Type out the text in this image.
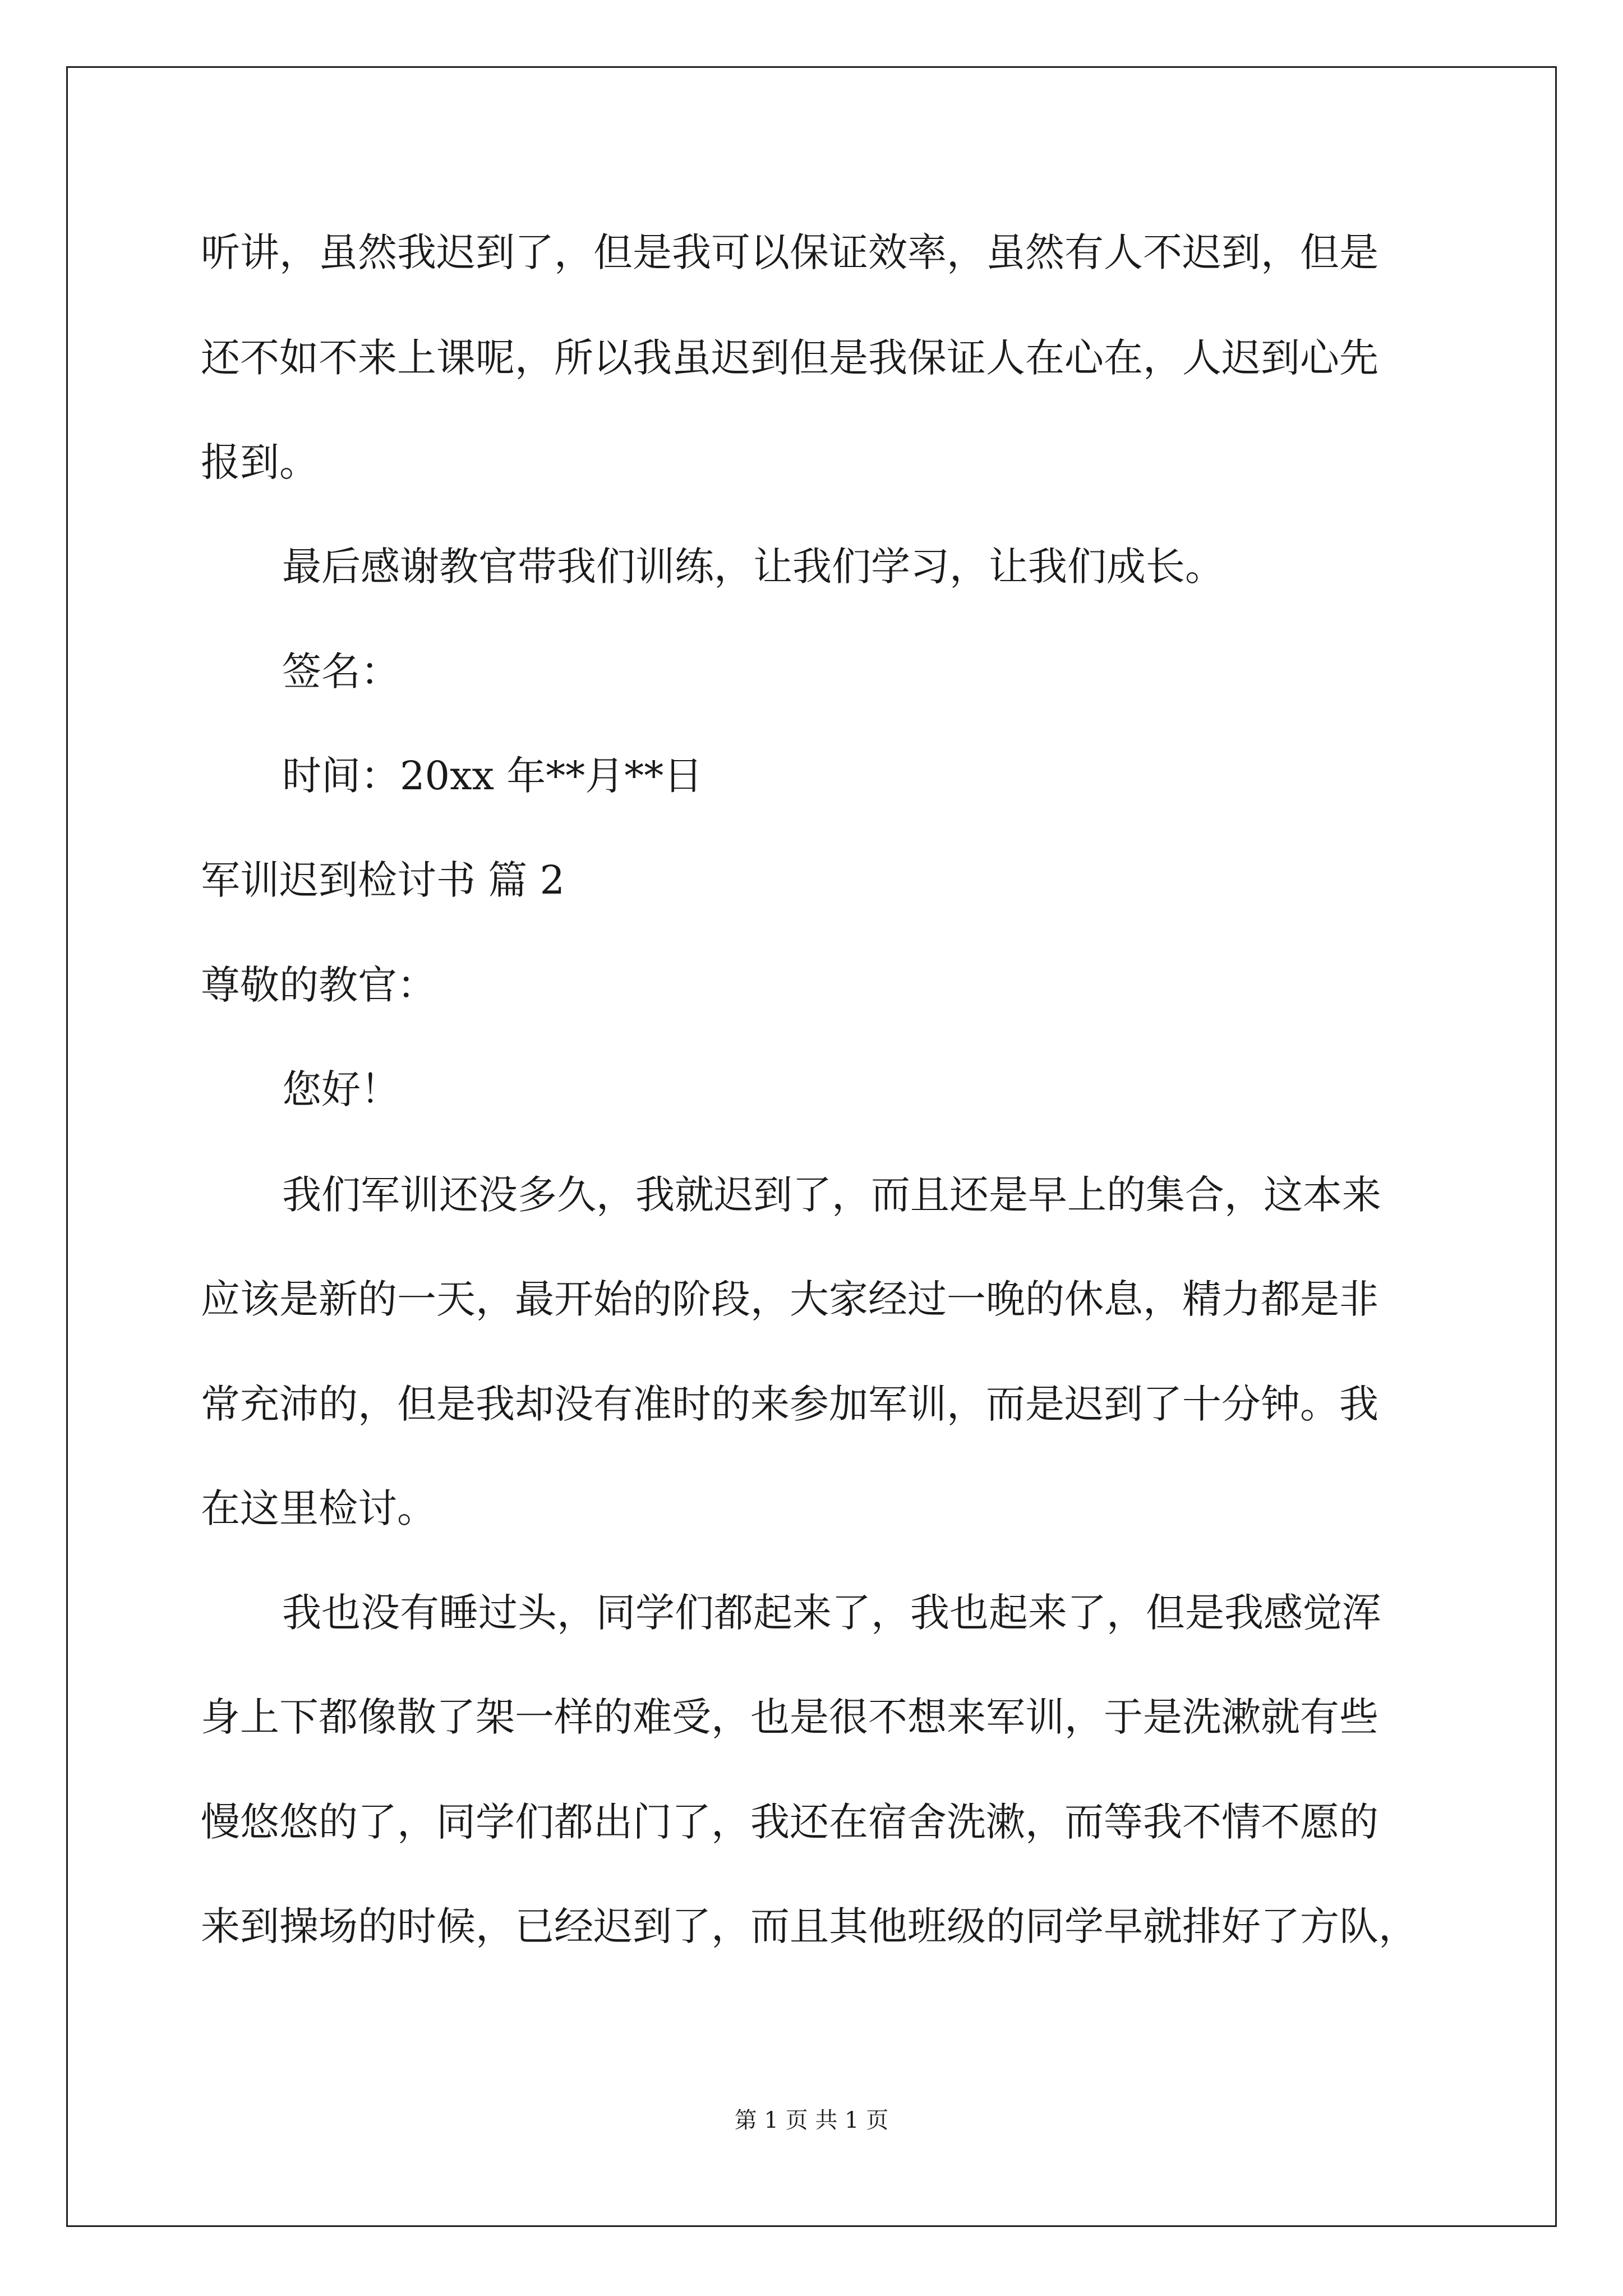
听讲，虽然我迟到了，但是我可以保证效率，虽然有人不迟到，但是
还不如不来上课呢，所以我虽迟到但是我保证人在心在，人迟到心先
报到。
最后感谢教官带我们训练，让我们学习，让我们成长。
签名：
时间：20xx 年**月**日
军训迟到检讨书 篇 2
尊敬的教官：
您好！
我们军训还没多久，我就迟到了，而且还是早上的集合，这本来
应该是新的一天，最开始的阶段，大家经过一晚的休息，精力都是非
常充沛的，但是我却没有准时的来参加军训，而是迟到了十分钟。我
在这里检讨。
我也没有睡过头，同学们都起来了，我也起来了，但是我感觉浑
身上下都像散了架一样的难受，也是很不想来军训，于是洗漱就有些
慢悠悠的了，同学们都出门了，我还在宿舍洗漱，而等我不情不愿的
来到操场的时候，已经迟到了，而且其他班级的同学早就排好了方队，
第 1 页 共 1 页
